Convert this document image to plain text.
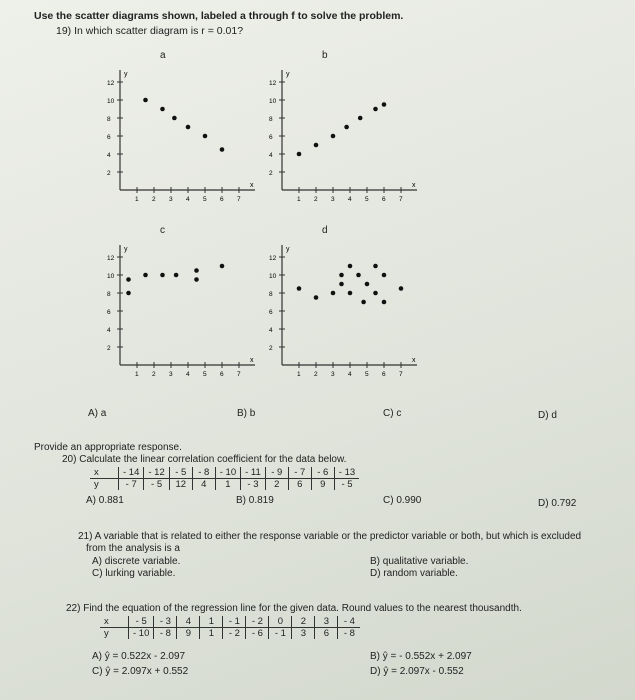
Use the scatter diagrams shown, labeled a through f to solve the problem.
19) In which scatter diagram is r = 0.01?
a
y
x
2
4
6
8
10
12
1 2 3 4 5 6 7
b
y
x
2
4
6
8
10
12
1 2 3 4 5 6 7
c
y
x
2
4
6
8
10
12
1 2 3 4 5 6 7
d
y
x
2
4
6
8
10
12
1 2 3 4 5 6 7
A) a	B) b	C) c	D) d
Provide an appropriate response.
20) Calculate the linear correlation coefficient for the data below.
x	- 14	- 12	- 5	- 8	- 10	- 11	- 9	- 7	- 6	- 13
y	- 7	- 5	12	4	1	- 3	2	6	9	- 5
A) 0.881	B) 0.819	C) 0.990	D) 0.792
21) A variable that is related to either the response variable or the predictor variable or both, but which is excluded
from the analysis is a
A) discrete variable.	B) qualitative variable.
C) lurking variable.	D) random variable.
22) Find the equation of the regression line for the given data. Round values to the nearest thousandth.
x	- 5	- 3	4	1	- 1	- 2	0	2	3	- 4
y	- 10	- 8	9	1	- 2	- 6	- 1	3	6	- 8
A) ŷ = 0.522x - 2.097	B) ŷ = - 0.552x + 2.097
C) ŷ = 2.097x + 0.552	D) ŷ = 2.097x - 0.552
